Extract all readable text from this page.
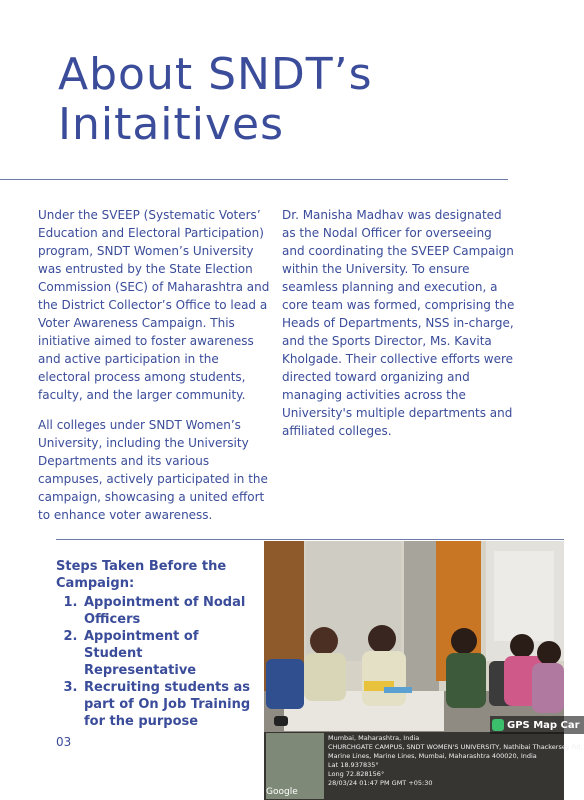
About SNDT’s
Initaitives

Under the SVEEP (Systematic Voters’ Education and Electoral Participation) program, SNDT Women’s University was entrusted by the State Election Commission (SEC) of Maharashtra and the District Collector’s Office to lead a Voter Awareness Campaign. This initiative aimed to foster awareness and active participation in the electoral process among students, faculty, and the larger community.

All colleges under SNDT Women’s University, including the University Departments and its various campuses, actively participated in the campaign, showcasing a united effort to enhance voter awareness.

Dr. Manisha Madhav was designated as the Nodal Officer for overseeing and coordinating the SVEEP Campaign within the University. To ensure seamless planning and execution, a core team was formed, comprising the Heads of Departments, NSS in-charge, and the Sports Director, Ms. Kavita Kholgade. Their collective efforts were directed toward organizing and managing activities across the University's multiple departments and affiliated colleges.

Steps Taken Before the Campaign:
1. Appointment of Nodal Officers
2. Appointment of Student Representative
3. Recruiting students as part of On Job Training for the purpose
03
GPS Map Car
Google
Mumbai, Maharashtra, India
CHURCHGATE CAMPUS, SNDT WOMEN'S UNIVERSITY, Nathibai Thackersey Rd,
Marine Lines, Marine Lines, Mumbai, Maharashtra 400020, India
Lat 18.937835°
Long 72.828156°
28/03/24 01:47 PM GMT +05:30
